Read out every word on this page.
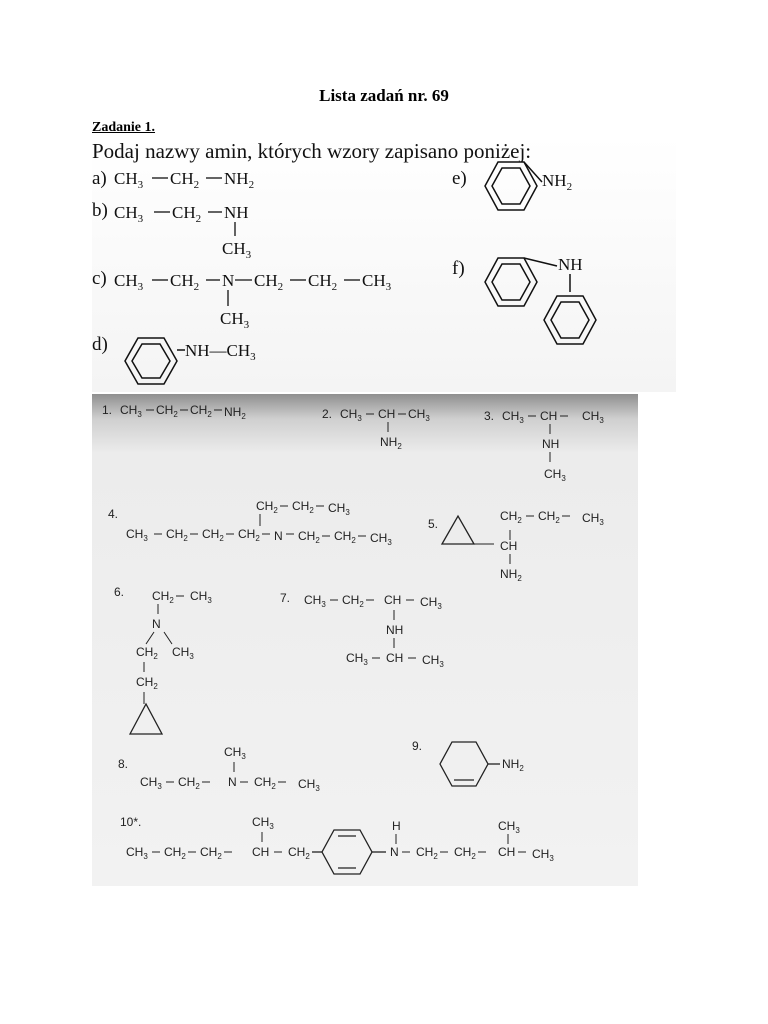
Lista zadań nr. 69
Zadanie 1.
Podaj nazwy amin, których wzory zapisano poniżej:
a) $CH_3$ $CH_2$ $NH_2$
b) $CH_3$ $CH_2$ NH
$CH_3$
c) $CH_3$ $CH_2$ N $CH_2$ $CH_2$ $CH_3$
$CH_3$
d)	$NH—CH_3$
e)	$NH_2$
f)	NH
1. $CH_3$ $CH_2$ $CH_2$ $NH_2$	2. $CH_3$ CH $CH_3$
$NH_2$
3. $CH_3$ CH $CH_3$
NH
$CH_3$
4.
$CH_3$ $CH_2$ $CH_2$ $CH_2$ N $CH_2$ $CH_2$ $CH_3$
$CH_2$ $CH_2$ $CH_3$
5.
CH
$CH_2$ $CH_2$ $CH_3$
$NH_2$
6. $CH_2$ $CH_3$
N
$CH_2$ $CH_3$
$CH_2$
7. $CH_3$ $CH_2$ CH $CH_3$
NH
$CH_3$ CH $CH_3$
8.
$CH_3$
$CH_3$ $CH_2$ N $CH_2$ $CH_3$
9.
$NH_2$
10*.	$CH_3$
$CH_3$ $CH_2$ $CH_2$	CH $CH_2$
H
N $CH_2$ $CH_2$ CH $CH_3$
$CH_3$
